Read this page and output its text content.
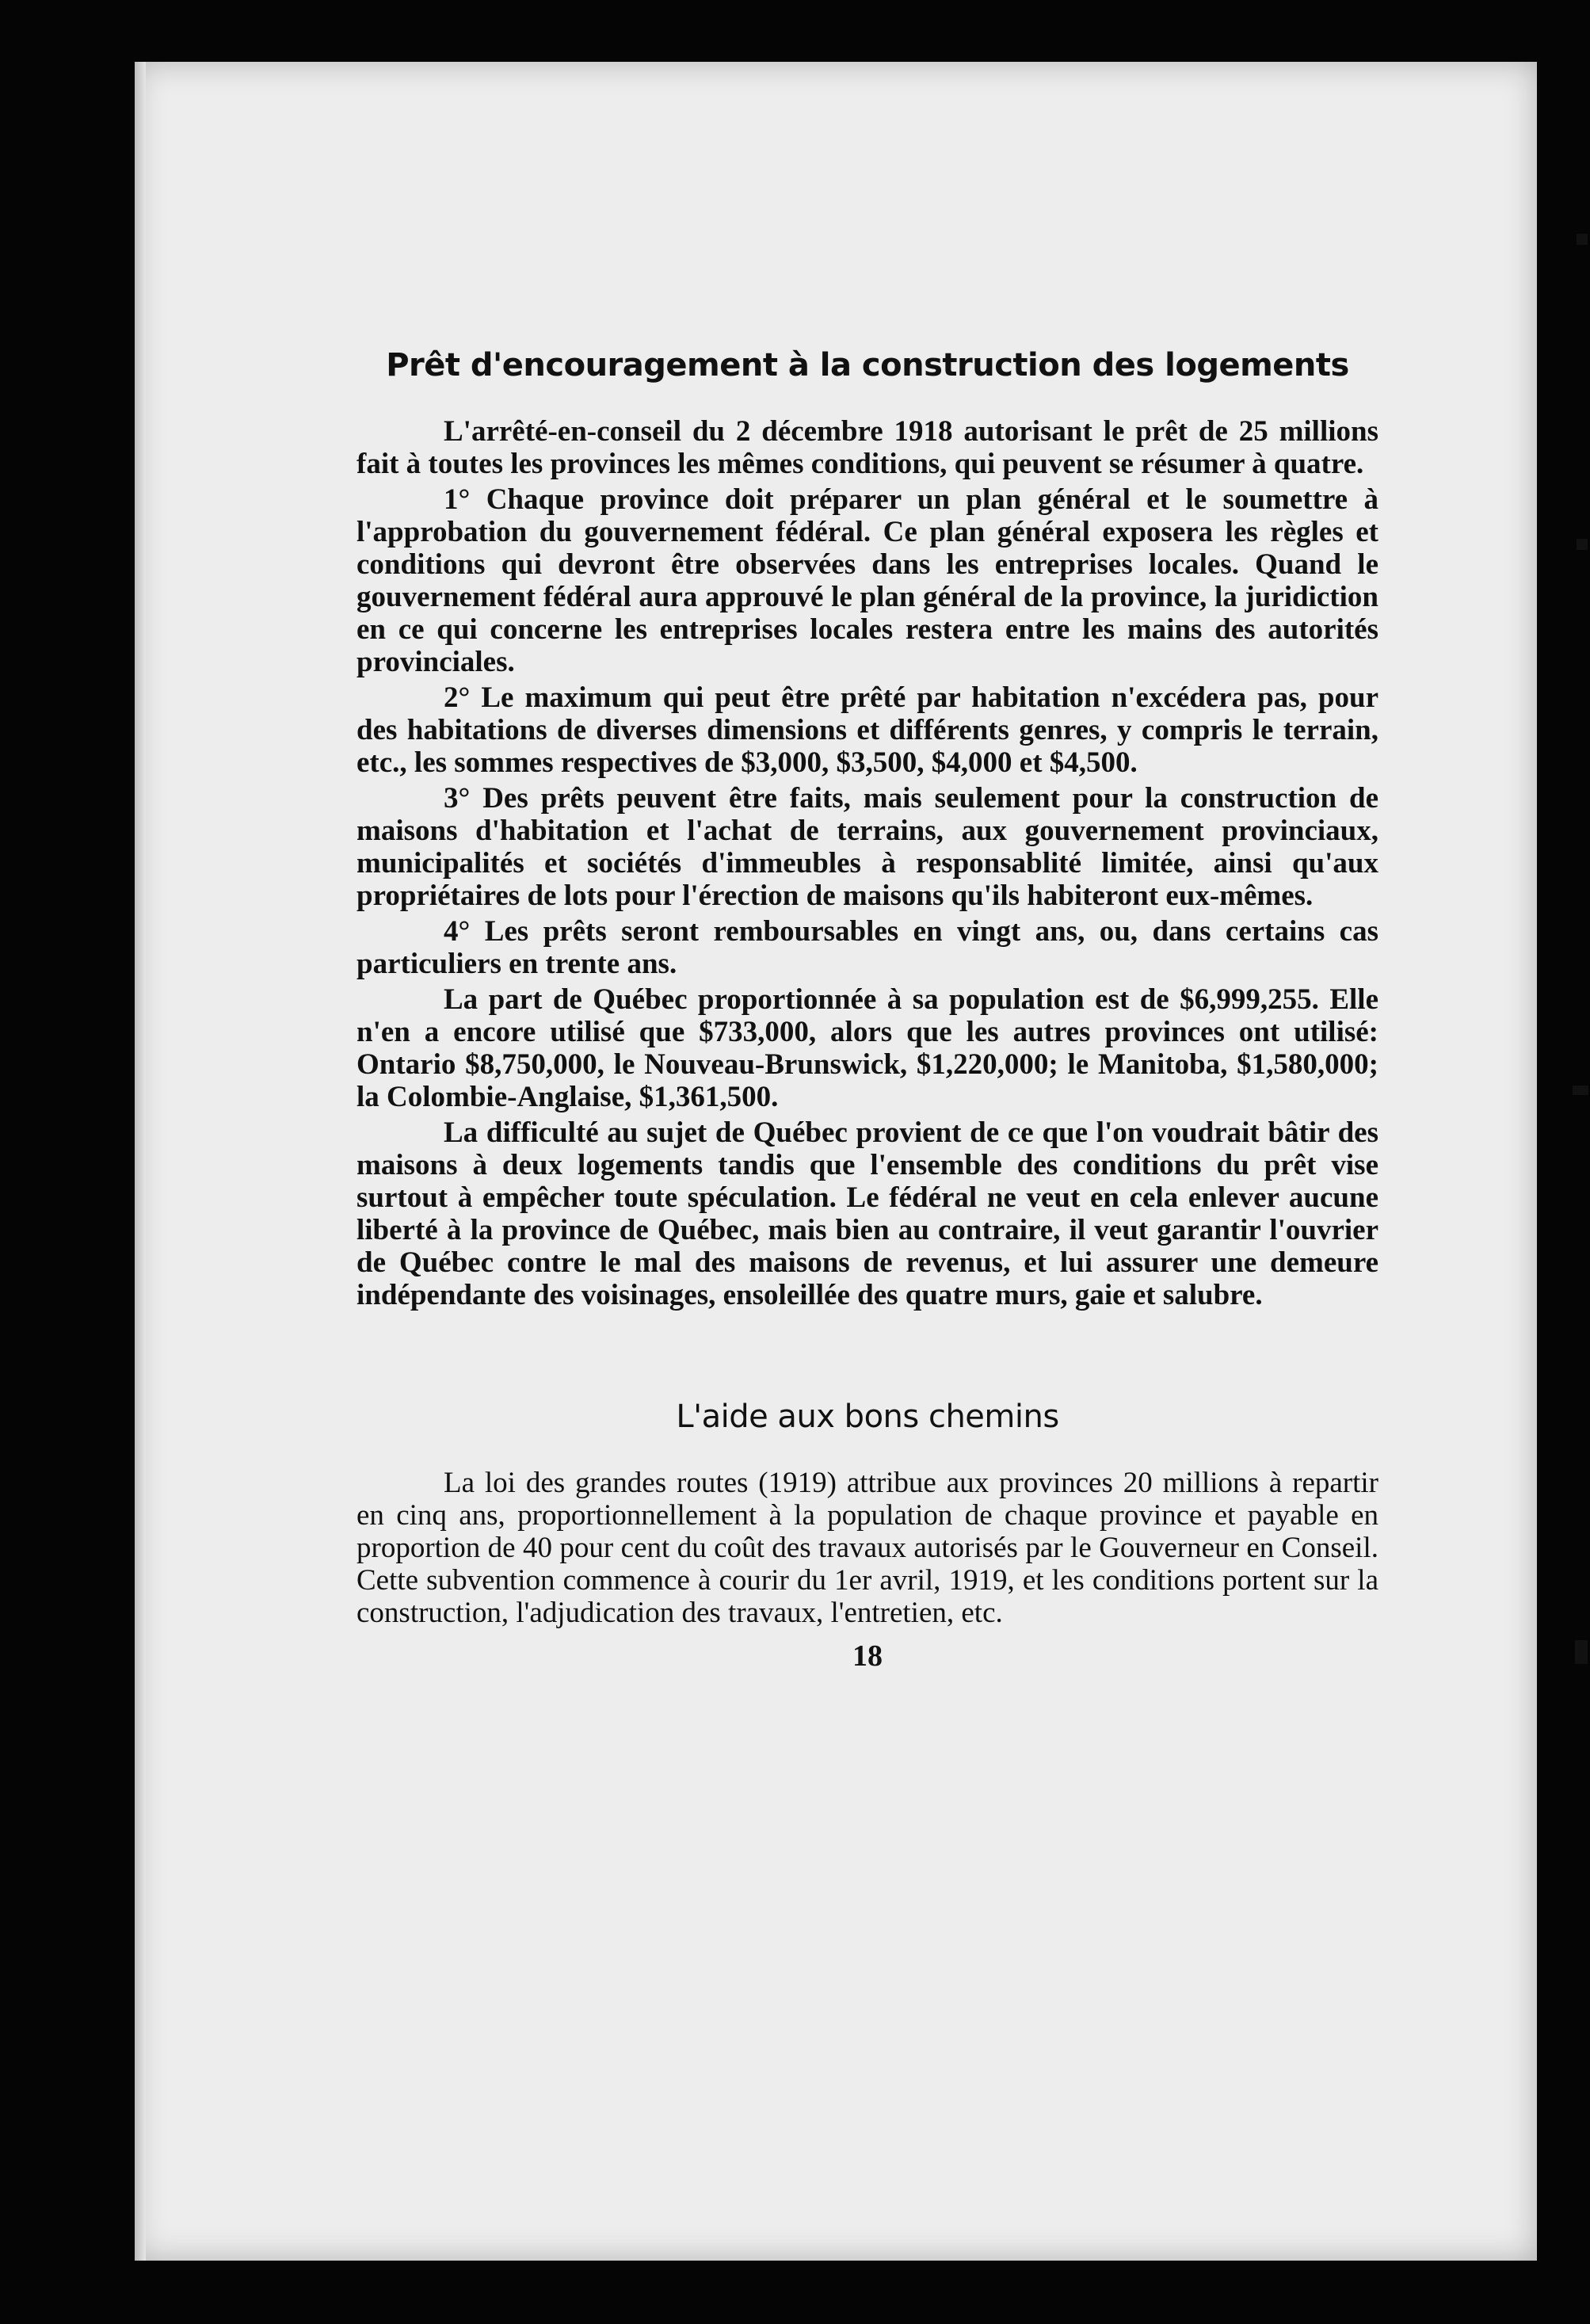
Prêt d'encouragement à la construction des logements

L'arrêté-en-conseil du 2 décembre 1918 autorisant le prêt de 25 millions fait à toutes les provinces les mêmes conditions, qui peuvent se résumer à quatre.

1° Chaque province doit préparer un plan général et le soumettre à l'approbation du gouvernement fédéral. Ce plan général exposera les règles et conditions qui devront être observées dans les entreprises locales. Quand le gouvernement fédéral aura approuvé le plan général de la province, la juridiction en ce qui concerne les entreprises locales restera entre les mains des autorités provinciales.

2° Le maximum qui peut être prêté par habitation n'excédera pas, pour des habitations de diverses dimensions et différents genres, y compris le terrain, etc., les sommes respectives de $3,000, $3,500, $4,000 et $4,500.

3° Des prêts peuvent être faits, mais seulement pour la construction de maisons d'habitation et l'achat de terrains, aux gouvernement provinciaux, municipalités et sociétés d'immeubles à responsablité limitée, ainsi qu'aux propriétaires de lots pour l'érection de maisons qu'ils habiteront eux-mêmes.

4° Les prêts seront remboursables en vingt ans, ou, dans certains cas particuliers en trente ans.

La part de Québec proportionnée à sa population est de $6,999,255. Elle n'en a encore utilisé que $733,000, alors que les autres provinces ont utilisé: Ontario $8,750,000, le Nouveau-Brunswick, $1,220,000; le Manitoba, $1,580,000; la Colombie-Anglaise, $1,361,500.

La difficulté au sujet de Québec provient de ce que l'on voudrait bâtir des maisons à deux logements tandis que l'ensemble des conditions du prêt vise surtout à empêcher toute spéculation. Le fédéral ne veut en cela enlever aucune liberté à la province de Québec, mais bien au contraire, il veut garantir l'ouvrier de Québec contre le mal des maisons de revenus, et lui assurer une demeure indépendante des voisinages, ensoleillée des quatre murs, gaie et salubre.

L'aide aux bons chemins

La loi des grandes routes (1919) attribue aux provinces 20 millions à repartir en cinq ans, proportionnellement à la population de chaque province et payable en proportion de 40 pour cent du coût des travaux autorisés par le Gouverneur en Conseil. Cette subvention commence à courir du 1er avril, 1919, et les conditions portent sur la construction, l'adjudication des travaux, l'entretien, etc.

18
